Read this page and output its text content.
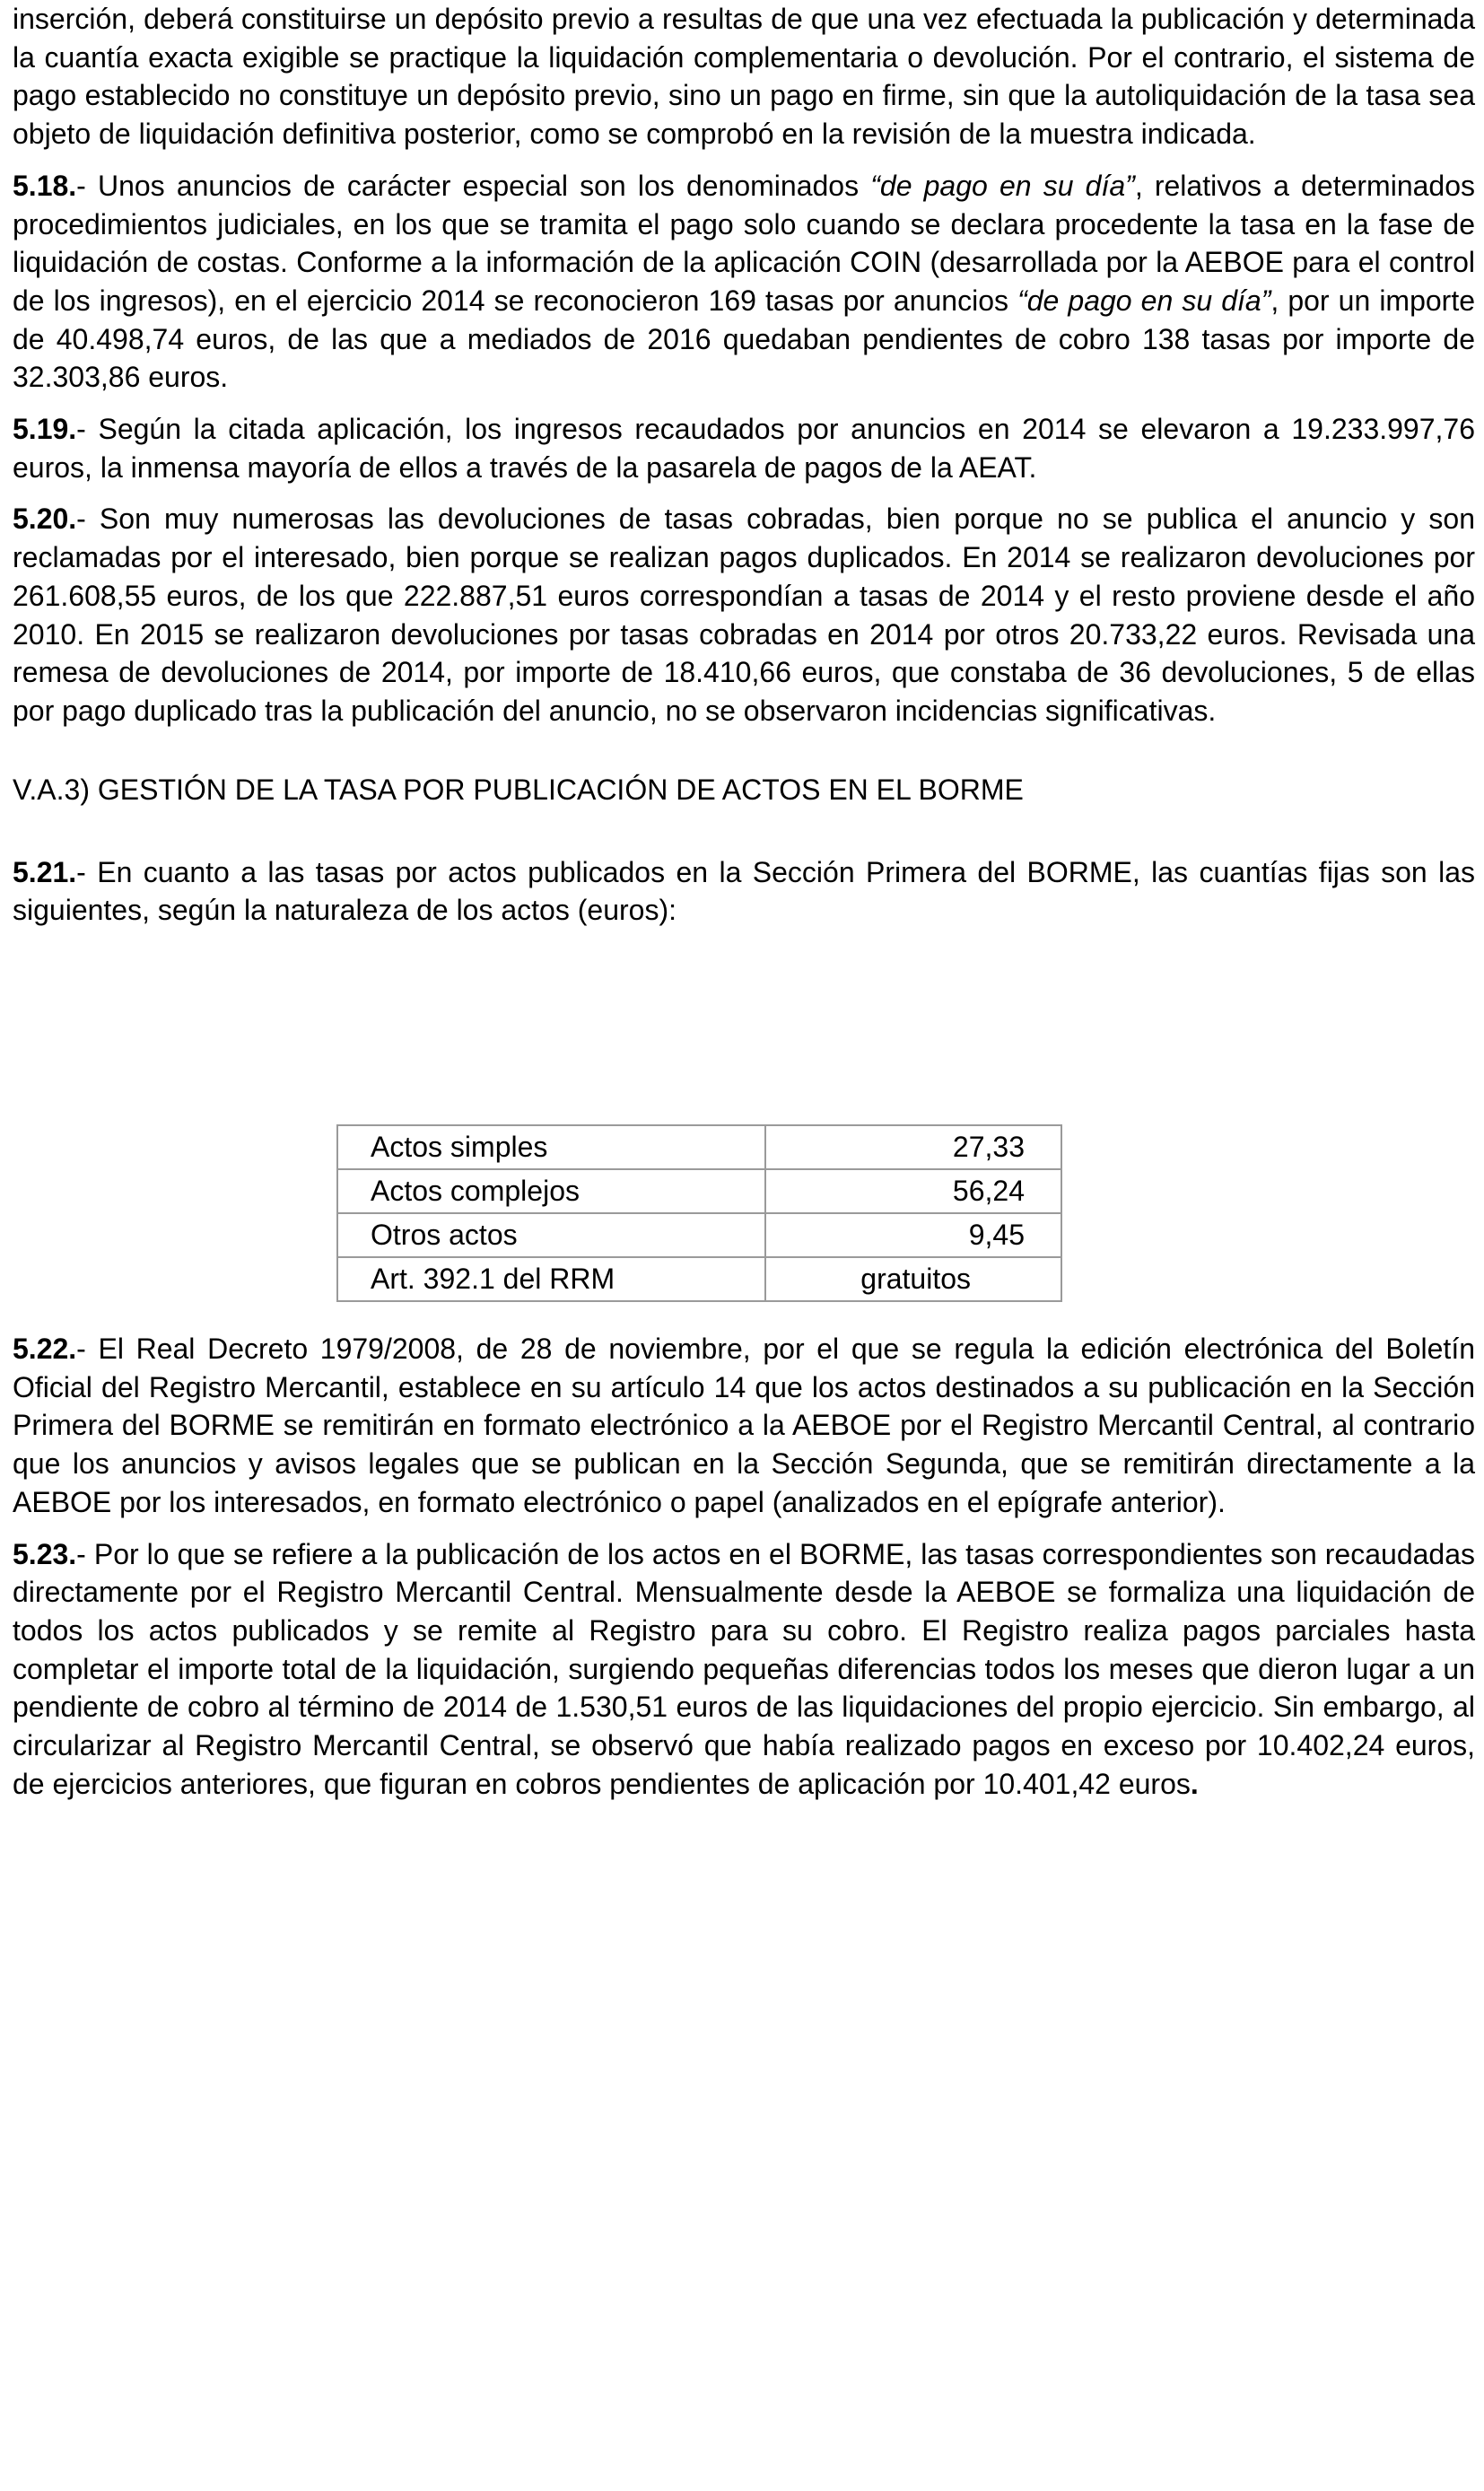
inserción, deberá constituirse un depósito previo a resultas de que una vez efectuada la publicación y determinada la cuantía exacta exigible se practique la liquidación complementaria o devolución. Por el contrario, el sistema de pago establecido no constituye un depósito previo, sino un pago en firme, sin que la autoliquidación de la tasa sea objeto de liquidación definitiva posterior, como se comprobó en la revisión de la muestra indicada.

5.18.- Unos anuncios de carácter especial son los denominados “de pago en su día”, relativos a determinados procedimientos judiciales, en los que se tramita el pago solo cuando se declara procedente la tasa en la fase de liquidación de costas. Conforme a la información de la aplicación COIN (desarrollada por la AEBOE para el control de los ingresos), en el ejercicio 2014 se reconocieron 169 tasas por anuncios “de pago en su día”, por un importe de 40.498,74 euros, de las que a mediados de 2016 quedaban pendientes de cobro 138 tasas por importe de 32.303,86 euros.

5.19.- Según la citada aplicación, los ingresos recaudados por anuncios en 2014 se elevaron a 19.233.997,76 euros, la inmensa mayoría de ellos a través de la pasarela de pagos de la AEAT.

5.20.- Son muy numerosas las devoluciones de tasas cobradas, bien porque no se publica el anuncio y son reclamadas por el interesado, bien porque se realizan pagos duplicados. En 2014 se realizaron devoluciones por 261.608,55 euros, de los que 222.887,51 euros correspondían a tasas de 2014 y el resto proviene desde el año 2010. En 2015 se realizaron devoluciones por tasas cobradas en 2014 por otros 20.733,22 euros. Revisada una remesa de devoluciones de 2014, por importe de 18.410,66 euros, que constaba de 36 devoluciones, 5 de ellas por pago duplicado tras la publicación del anuncio, no se observaron incidencias significativas.

V.A.3) GESTIÓN DE LA TASA POR PUBLICACIÓN DE ACTOS EN EL BORME

5.21.- En cuanto a las tasas por actos publicados en la Sección Primera del BORME, las cuantías fijas son las siguientes, según la naturaleza de los actos (euros):

Actos simples	27,33
Actos complejos	56,24
Otros actos	9,45
Art. 392.1 del RRM	gratuitos

5.22.- El Real Decreto 1979/2008, de 28 de noviembre, por el que se regula la edición electrónica del Boletín Oficial del Registro Mercantil, establece en su artículo 14 que los actos destinados a su publicación en la Sección Primera del BORME se remitirán en formato electrónico a la AEBOE por el Registro Mercantil Central, al contrario que los anuncios y avisos legales que se publican en la Sección Segunda, que se remitirán directamente a la AEBOE por los interesados, en formato electrónico o papel (analizados en el epígrafe anterior).

5.23.- Por lo que se refiere a la publicación de los actos en el BORME, las tasas correspondientes son recaudadas directamente por el Registro Mercantil Central. Mensualmente desde la AEBOE se formaliza una liquidación de todos los actos publicados y se remite al Registro para su cobro. El Registro realiza pagos parciales hasta completar el importe total de la liquidación, surgiendo pequeñas diferencias todos los meses que dieron lugar a un pendiente de cobro al término de 2014 de 1.530,51 euros de las liquidaciones del propio ejercicio. Sin embargo, al circularizar al Registro Mercantil Central, se observó que había realizado pagos en exceso por 10.402,24 euros, de ejercicios anteriores, que figuran en cobros pendientes de aplicación por 10.401,42 euros.
